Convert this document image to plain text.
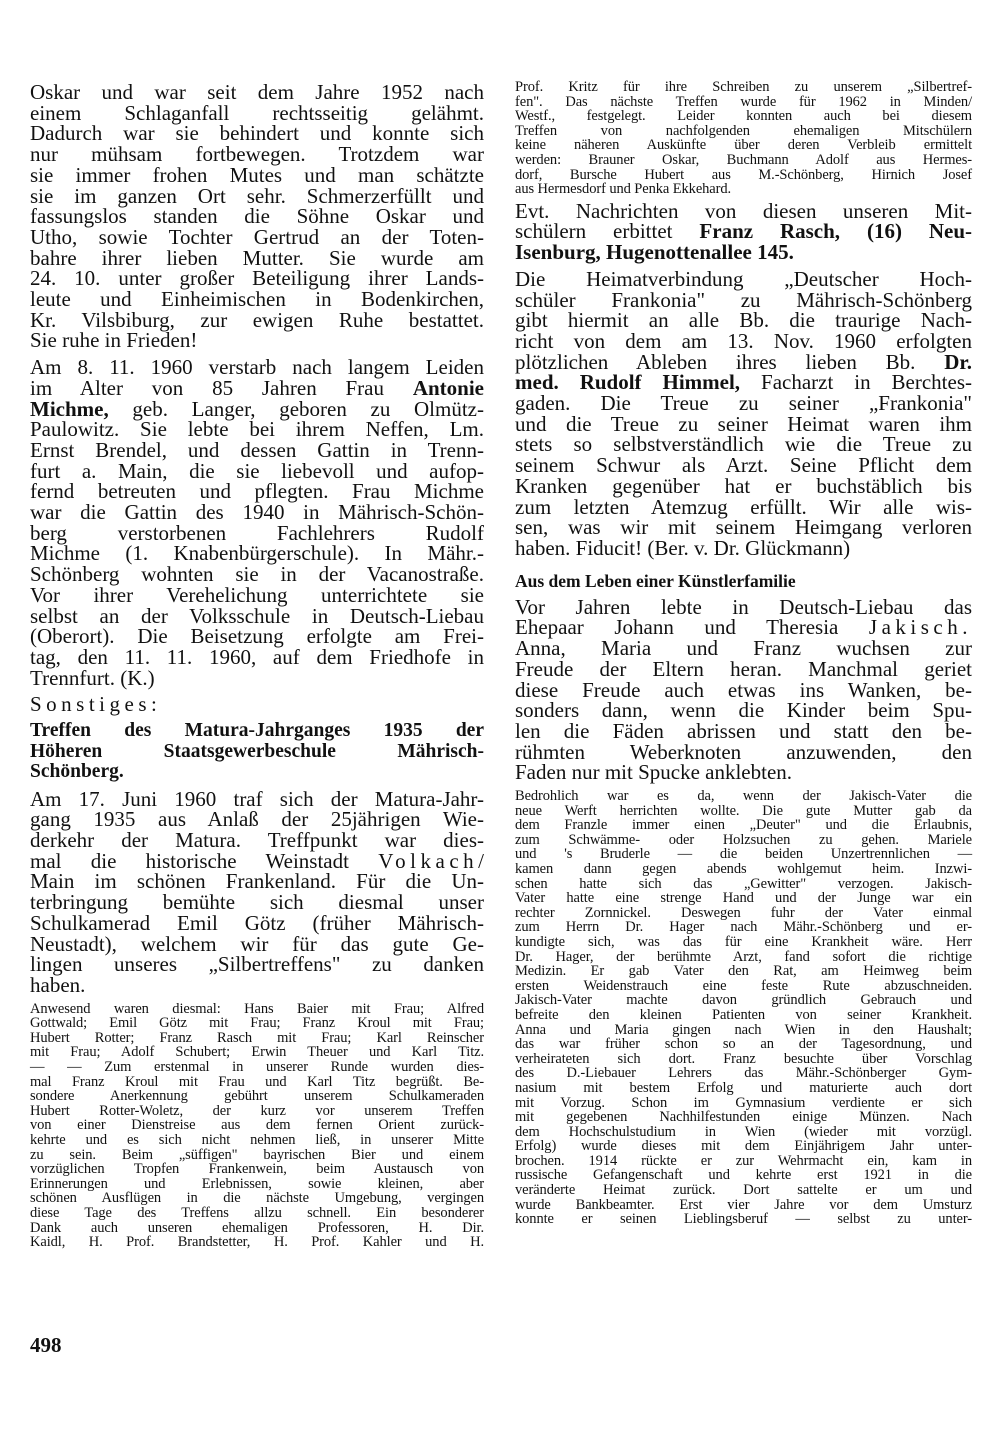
Oskar und war seit dem Jahre 1952 nach
einem Schlaganfall rechtsseitig gelähmt.
Dadurch war sie behindert und konnte sich
nur mühsam fortbewegen. Trotzdem war
sie immer frohen Mutes und man schätzte
sie im ganzen Ort sehr. Schmerzerfüllt und
fassungslos standen die Söhne Oskar und
Utho, sowie Tochter Gertrud an der Toten-
bahre ihrer lieben Mutter. Sie wurde am
24. 10. unter großer Beteiligung ihrer Lands-
leute und Einheimischen in Bodenkirchen,
Kr. Vilsbiburg, zur ewigen Ruhe bestattet.
Sie ruhe in Frieden!
Am 8. 11. 1960 verstarb nach langem Leiden
im Alter von 85 Jahren Frau Antonie
Michme, geb. Langer, geboren zu Olmütz-
Paulowitz. Sie lebte bei ihrem Neffen, Lm.
Ernst Brendel, und dessen Gattin in Trenn-
furt a. Main, die sie liebevoll und aufop-
fernd betreuten und pflegten. Frau Michme
war die Gattin des 1940 in Mährisch-Schön-
berg verstorbenen Fachlehrers Rudolf
Michme (1. Knabenbürgerschule). In Mähr.-
Schönberg wohnten sie in der Vacanostraße.
Vor ihrer Verehelichung unterrichtete sie
selbst an der Volksschule in Deutsch-Liebau
(Oberort). Die Beisetzung erfolgte am Frei-
tag, den 11. 11. 1960, auf dem Friedhofe in
Trennfurt. (K.)
Sonstiges:
Treffen des Matura-Jahrganges 1935 der
Höheren Staatsgewerbeschule Mährisch-
Schönberg.
Am 17. Juni 1960 traf sich der Matura-Jahr-
gang 1935 aus Anlaß der 25jährigen Wie-
derkehr der Matura. Treffpunkt war dies-
mal die historische Weinstadt Volkach/
Main im schönen Frankenland. Für die Un-
terbringung bemühte sich diesmal unser
Schulkamerad Emil Götz (früher Mährisch-
Neustadt), welchem wir für das gute Ge-
lingen unseres „Silbertreffens" zu danken
haben.
Anwesend waren diesmal: Hans Baier mit Frau; Alfred
Gottwald; Emil Götz mit Frau; Franz Kroul mit Frau;
Hubert Rotter; Franz Rasch mit Frau; Karl Reinscher
mit Frau; Adolf Schubert; Erwin Theuer und Karl Titz.
— — Zum erstenmal in unserer Runde wurden dies-
mal Franz Kroul mit Frau und Karl Titz begrüßt. Be-
sondere Anerkennung gebührt unserem Schulkameraden
Hubert Rotter-Woletz, der kurz vor unserem Treffen
von einer Dienstreise aus dem fernen Orient zurück-
kehrte und es sich nicht nehmen ließ, in unserer Mitte
zu sein. Beim „süffigen" bayrischen Bier und einem
vorzüglichen Tropfen Frankenwein, beim Austausch von
Erinnerungen und Erlebnissen, sowie kleinen, aber
schönen Ausflügen in die nächste Umgebung, vergingen
diese Tage des Treffens allzu schnell. Ein besonderer
Dank auch unseren ehemaligen Professoren, H. Dir.
Kaidl, H. Prof. Brandstetter, H. Prof. Kahler und H.
Prof. Kritz für ihre Schreiben zu unserem „Silbertref-
fen". Das nächste Treffen wurde für 1962 in Minden/
Westf., festgelegt. Leider konnten auch bei diesem
Treffen von nachfolgenden ehemaligen Mitschülern
keine näheren Auskünfte über deren Verbleib ermittelt
werden: Brauner Oskar, Buchmann Adolf aus Hermes-
dorf, Bursche Hubert aus M.-Schönberg, Hirnich Josef
aus Hermesdorf und Penka Ekkehard.
Evt. Nachrichten von diesen unseren Mit-
schülern erbittet Franz Rasch, (16) Neu-
Isenburg, Hugenottenallee 145.
Die Heimatverbindung „Deutscher Hoch-
schüler Frankonia" zu Mährisch-Schönberg
gibt hiermit an alle Bb. die traurige Nach-
richt von dem am 13. Nov. 1960 erfolgten
plötzlichen Ableben ihres lieben Bb. Dr.
med. Rudolf Himmel, Facharzt in Berchtes-
gaden. Die Treue zu seiner „Frankonia"
und die Treue zu seiner Heimat waren ihm
stets so selbstverständlich wie die Treue zu
seinem Schwur als Arzt. Seine Pflicht dem
Kranken gegenüber hat er buchstäblich bis
zum letzten Atemzug erfüllt. Wir alle wis-
sen, was wir mit seinem Heimgang verloren
haben. Fiducit! (Ber. v. Dr. Glückmann)
Aus dem Leben einer Künstlerfamilie
Vor Jahren lebte in Deutsch-Liebau das
Ehepaar Johann und Theresia Jakisch.
Anna, Maria und Franz wuchsen zur
Freude der Eltern heran. Manchmal geriet
diese Freude auch etwas ins Wanken, be-
sonders dann, wenn die Kinder beim Spu-
len die Fäden abrissen und statt den be-
rühmten Weberknoten anzuwenden, den
Faden nur mit Spucke anklebten.
Bedrohlich war es da, wenn der Jakisch-Vater die
neue Werft herrichten wollte. Die gute Mutter gab da
dem Franzle immer einen „Deuter" und die Erlaubnis,
zum Schwämme- oder Holzsuchen zu gehen. Mariele
und 's Bruderle — die beiden Unzertrennlichen —
kamen dann gegen abends wohlgemut heim. Inzwi-
schen hatte sich das „Gewitter" verzogen. Jakisch-
Vater hatte eine strenge Hand und der Junge war ein
rechter Zornnickel. Deswegen fuhr der Vater einmal
zum Herrn Dr. Hager nach Mähr.-Schönberg und er-
kundigte sich, was das für eine Krankheit wäre. Herr
Dr. Hager, der berühmte Arzt, fand sofort die richtige
Medizin. Er gab Vater den Rat, am Heimweg beim
ersten Weidenstrauch eine feste Rute abzuschneiden.
Jakisch-Vater machte davon gründlich Gebrauch und
befreite den kleinen Patienten von seiner Krankheit.
Anna und Maria gingen nach Wien in den Haushalt;
das war früher schon so an der Tagesordnung, und
verheirateten sich dort. Franz besuchte über Vorschlag
des D.-Liebauer Lehrers das Mähr.-Schönberger Gym-
nasium mit bestem Erfolg und maturierte auch dort
mit Vorzug. Schon im Gymnasium verdiente er sich
mit gegebenen Nachhilfestunden einige Münzen. Nach
dem Hochschulstudium in Wien (wieder mit vorzügl.
Erfolg) wurde dieses mit dem Einjährigem Jahr unter-
brochen. 1914 rückte er zur Wehrmacht ein, kam in
russische Gefangenschaft und kehrte erst 1921 in die
veränderte Heimat zurück. Dort sattelte er um und
wurde Bankbeamter. Erst vier Jahre vor dem Umsturz
konnte er seinen Lieblingsberuf — selbst zu unter-
498
